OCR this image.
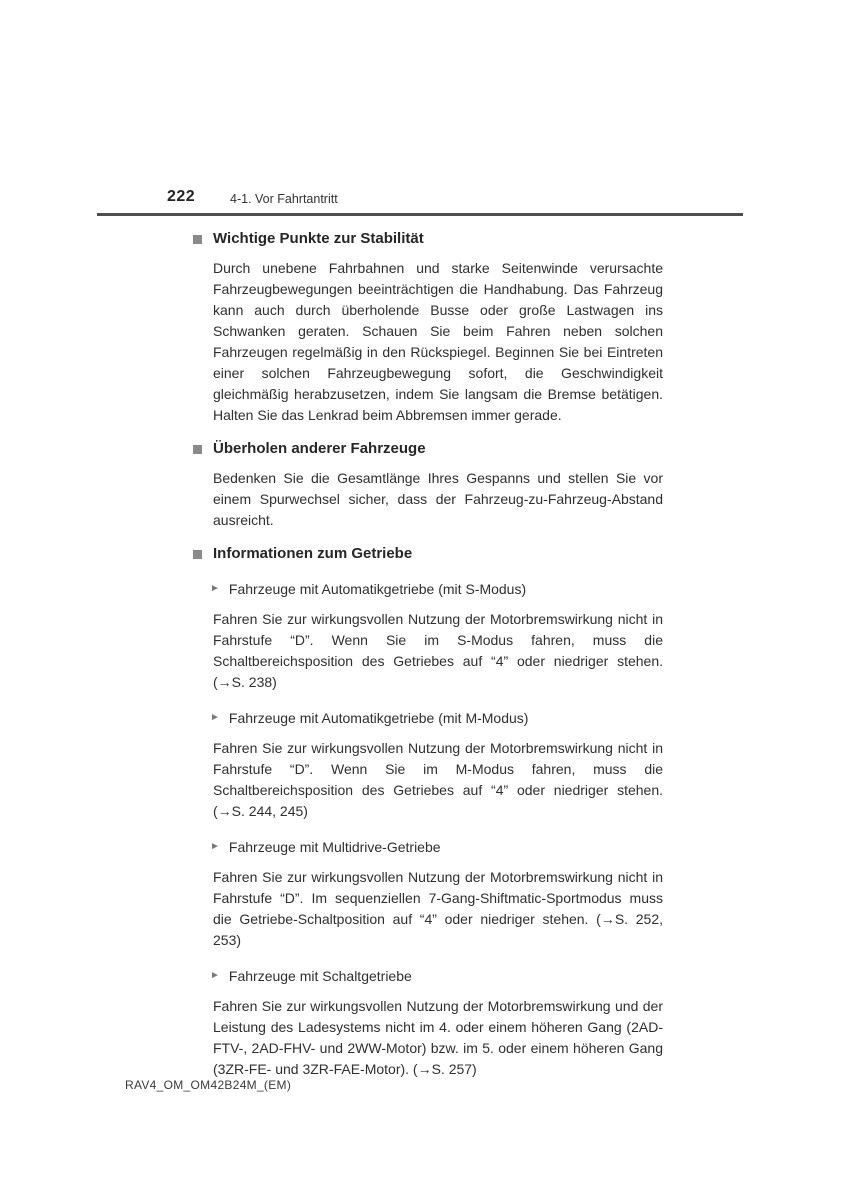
222	4-1. Vor Fahrtantritt
Wichtige Punkte zur Stabilität

Durch unebene Fahrbahnen und starke Seitenwinde verursachte Fahrzeugbewegungen beeinträchtigen die Handhabung. Das Fahrzeug kann auch durch überholende Busse oder große Lastwagen ins Schwanken geraten. Schauen Sie beim Fahren neben solchen Fahrzeugen regelmäßig in den Rückspiegel. Beginnen Sie bei Eintreten einer solchen Fahrzeugbewegung sofort, die Geschwindigkeit gleichmäßig herabzusetzen, indem Sie langsam die Bremse betätigen. Halten Sie das Lenkrad beim Abbremsen immer gerade.

Überholen anderer Fahrzeuge

Bedenken Sie die Gesamtlänge Ihres Gespanns und stellen Sie vor einem Spurwechsel sicher, dass der Fahrzeug-zu-Fahrzeug-Abstand ausreicht.

Informationen zum Getriebe
► Fahrzeuge mit Automatikgetriebe (mit S-Modus)

Fahren Sie zur wirkungsvollen Nutzung der Motorbremswirkung nicht in Fahrstufe “D”. Wenn Sie im S-Modus fahren, muss die Schaltbereichsposition des Getriebes auf “4” oder niedriger stehen. (→S. 238)

► Fahrzeuge mit Automatikgetriebe (mit M-Modus)

Fahren Sie zur wirkungsvollen Nutzung der Motorbremswirkung nicht in Fahrstufe “D”. Wenn Sie im M-Modus fahren, muss die Schaltbereichsposition des Getriebes auf “4” oder niedriger stehen. (→S. 244, 245)

► Fahrzeuge mit Multidrive-Getriebe

Fahren Sie zur wirkungsvollen Nutzung der Motorbremswirkung nicht in Fahrstufe “D”. Im sequenziellen 7-Gang-Shiftmatic-Sportmodus muss die Getriebe-Schaltposition auf “4” oder niedriger stehen. (→S. 252, 253)

► Fahrzeuge mit Schaltgetriebe

Fahren Sie zur wirkungsvollen Nutzung der Motorbremswirkung und der Leistung des Ladesystems nicht im 4. oder einem höheren Gang (2AD-FTV-, 2AD-FHV- und 2WW-Motor) bzw. im 5. oder einem höheren Gang (3ZR-FE- und 3ZR-FAE-Motor). (→S. 257)

RAV4_OM_OM42B24M_(EM)
